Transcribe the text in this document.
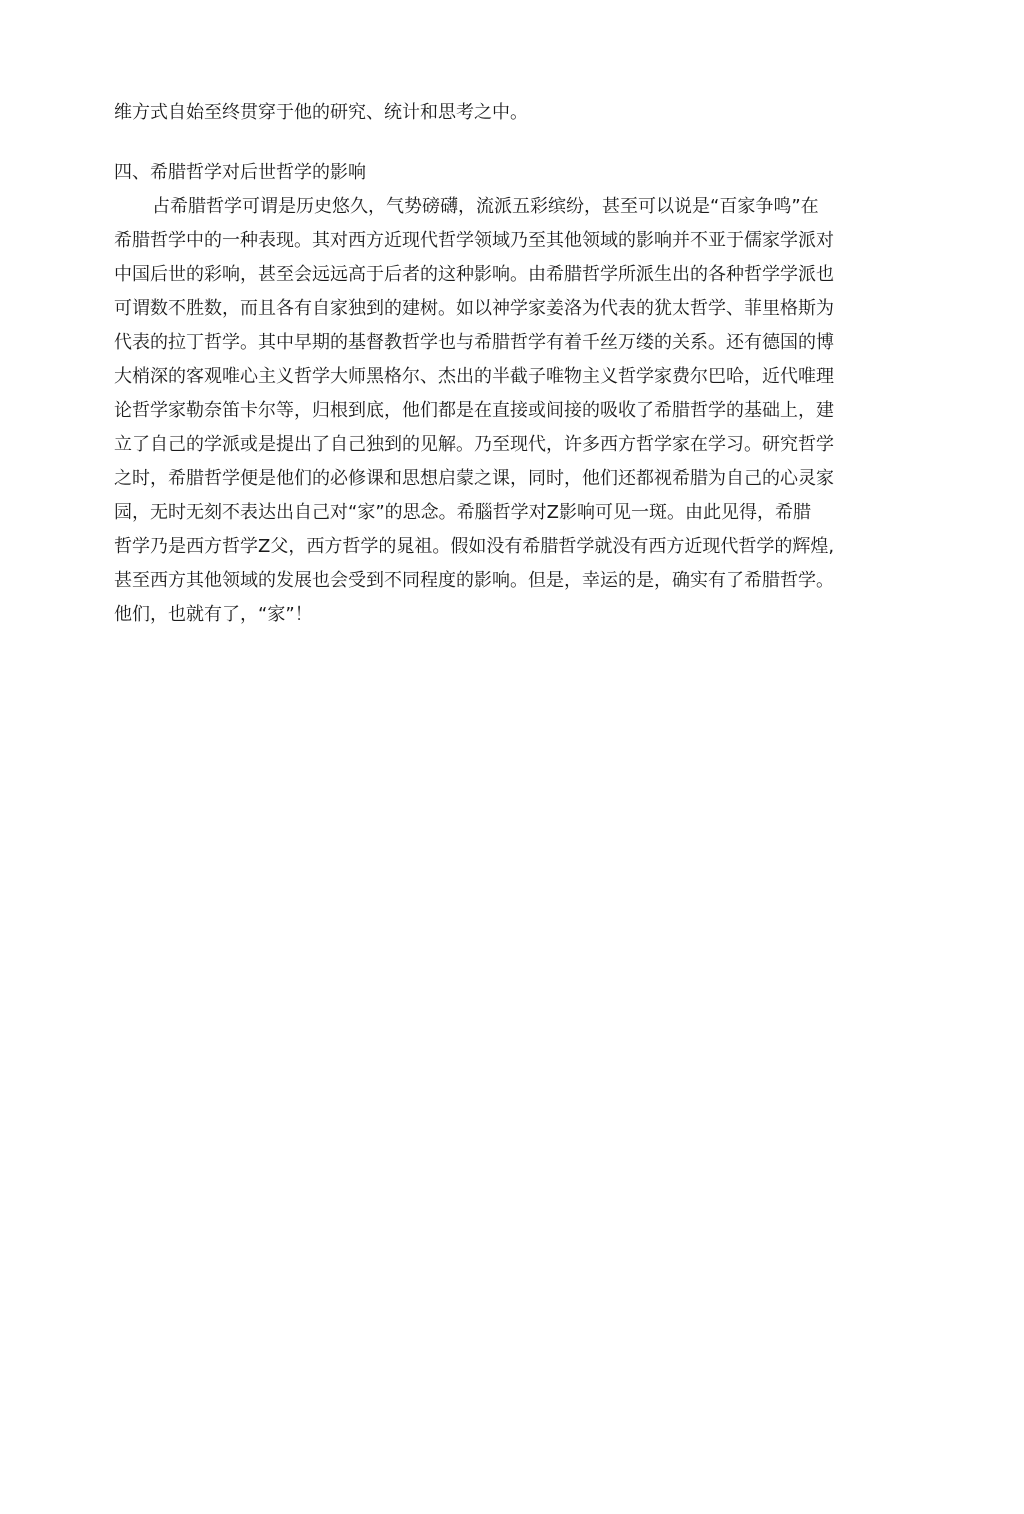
维方式自始至终贯穿于他的研究、统计和思考之中。
四、希腊哲学对后世哲学的影响
占希腊哲学可谓是历史悠久，气势磅礴，流派五彩缤纷，甚至可以说是“百家争鸣”在
希腊哲学中的一种表现。其对西方近现代哲学领域乃至其他领域的影响并不亚于儒家学派对
中国后世的彩响，甚至会远远高于后者的这种影响。由希腊哲学所派生出的各种哲学学派也
可谓数不胜数，而且各有自家独到的建树。如以神学家姜洛为代表的犹太哲学、菲里格斯为
代表的拉丁哲学。其中早期的基督教哲学也与希腊哲学有着千丝万缕的关系。还有德国的博
大梢深的客观唯心主义哲学大师黑格尔、杰出的半截子唯物主义哲学家费尔巴哈，近代唯理
论哲学家勒奈笛卡尔等，归根到底，他们都是在直接或间接的吸收了希腊哲学的基础上，建
立了自己的学派或是提出了自己独到的见解。乃至现代，许多西方哲学家在学习。研究哲学
之时，希腊哲学便是他们的必修课和思想启蒙之课，同时，他们还都视希腊为自己的心灵家
园，无时无刻不表达出自己对“家”的思念。希腦哲学对Z影响可见一斑。由此见得，希腊
哲学乃是西方哲学Z父，西方哲学的晁祖。假如没有希腊哲学就没有西方近现代哲学的辉煌,
甚至西方其他领域的发展也会受到不同程度的影响。但是，幸运的是，确实有了希腊哲学。
他们，也就有了，“家”！
